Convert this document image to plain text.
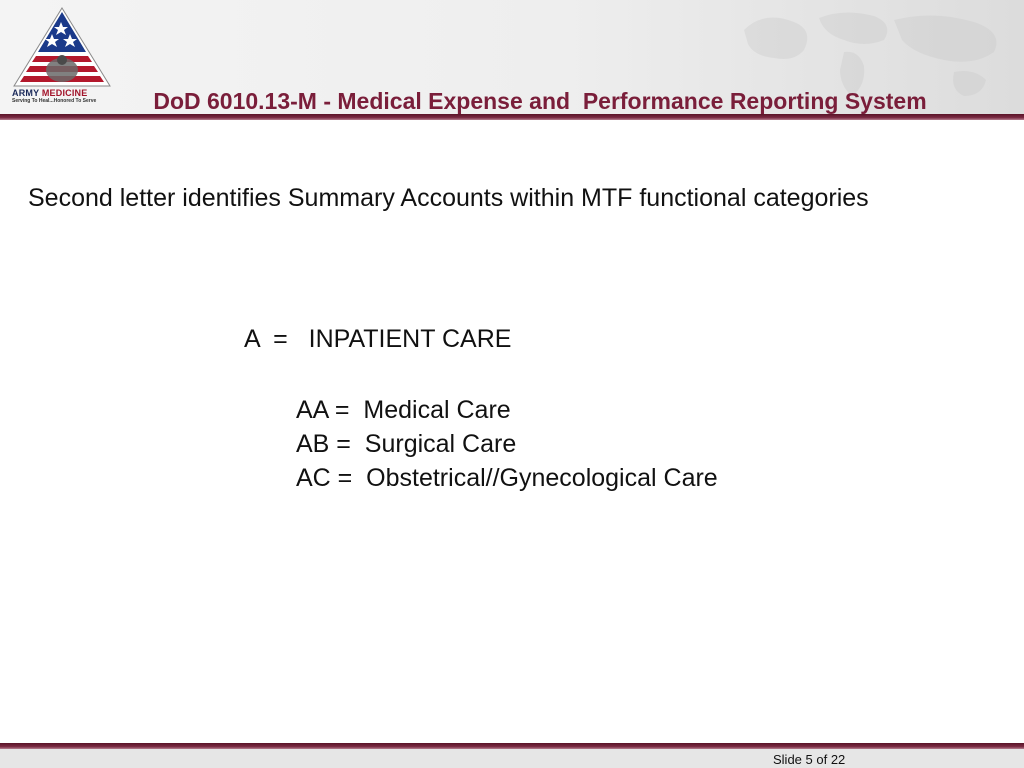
ARMY MEDICINE
Serving To Heal...Honored To Serve

	DoD 6010.13-M - Medical Expense and  Performance Reporting System

Second letter identifies Summary Accounts within MTF functional categories
A  =   INPATIENT CARE
AA =  Medical Care
AB =  Surgical Care
AC =  Obstetrical//Gynecological Care
Slide 5 of 22
